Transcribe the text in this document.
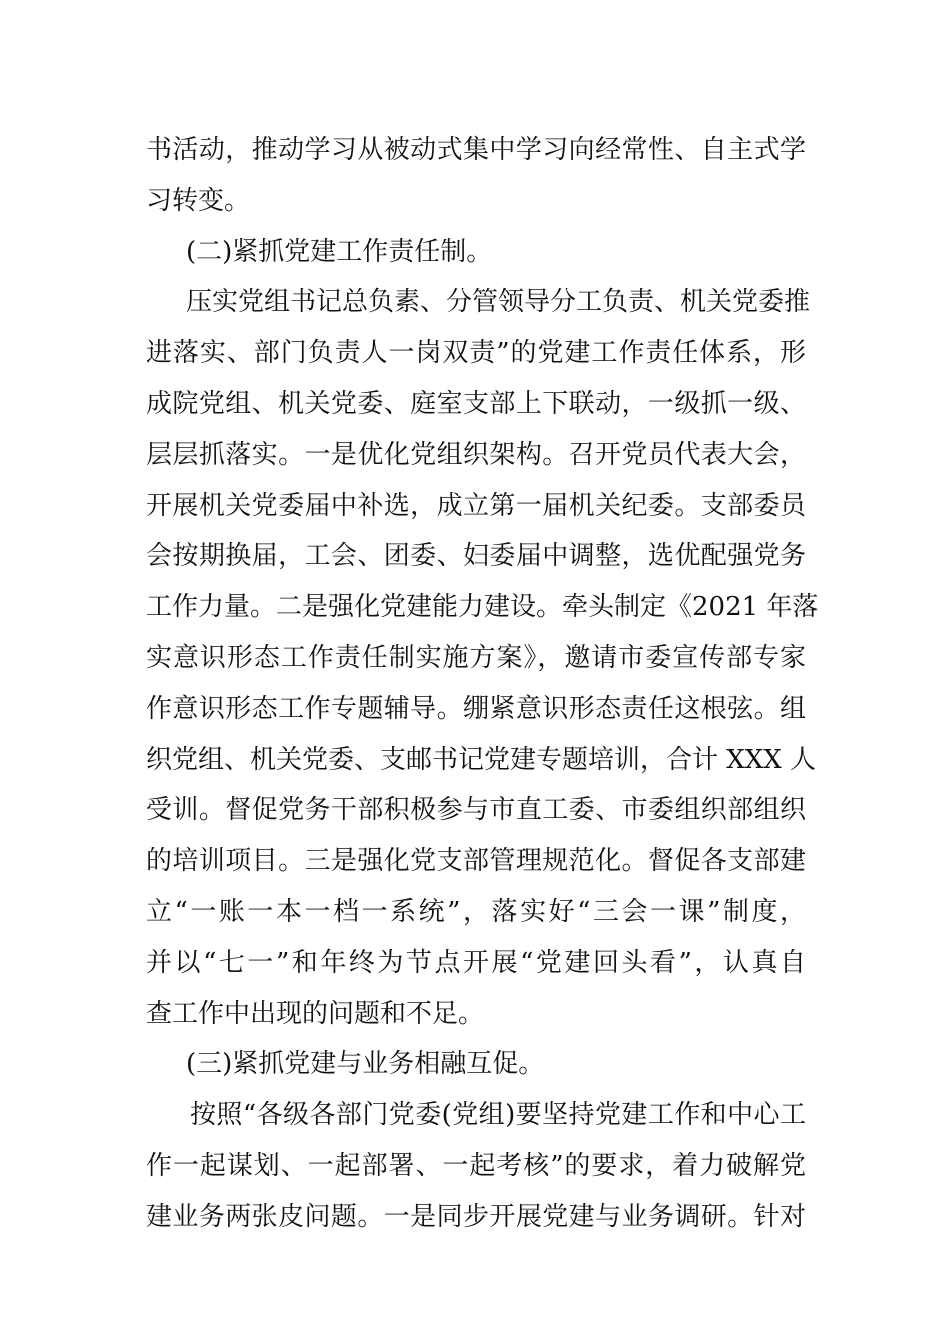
书活动，推动学习从被动式集中学习向经常性、自主式学
习转变。
(二)紧抓党建工作责任制。
压实党组书记总负素、分管领导分工负责、机关党委推
进落实、部门负责人一岗双责”的党建工作责任体系，形
成院党组、机关党委、庭室支部上下联动，一级抓一级、
层层抓落实。一是优化党组织架构。召开党员代表大会，
开展机关党委届中补选，成立第一届机关纪委。支部委员
会按期换届，工会、团委、妇委届中调整，选优配强党务
工作力量。二是强化党建能力建设。牵头制定《2021 年落
实意识形态工作责任制实施方案》，邀请市委宣传部专家
作意识形态工作专题辅导。绷紧意识形态责任这根弦。组
织党组、机关党委、支邮书记党建专题培训，合计 XXX 人
受训。督促党务干部积极参与市直工委、市委组织部组织
的培训项目。三是强化党支部管理规范化。督促各支部建
立“一账一本一档一系统”，落实好“三会一课”制度，
并以“七一”和年终为节点开展“党建回头看”，认真自
查工作中出现的问题和不足。
(三)紧抓党建与业务相融互促。
按照“各级各部门党委(党组)要坚持党建工作和中心工
作一起谋划、一起部署、一起考核”的要求，着力破解党
建业务两张皮问题。一是同步开展党建与业务调研。针对
